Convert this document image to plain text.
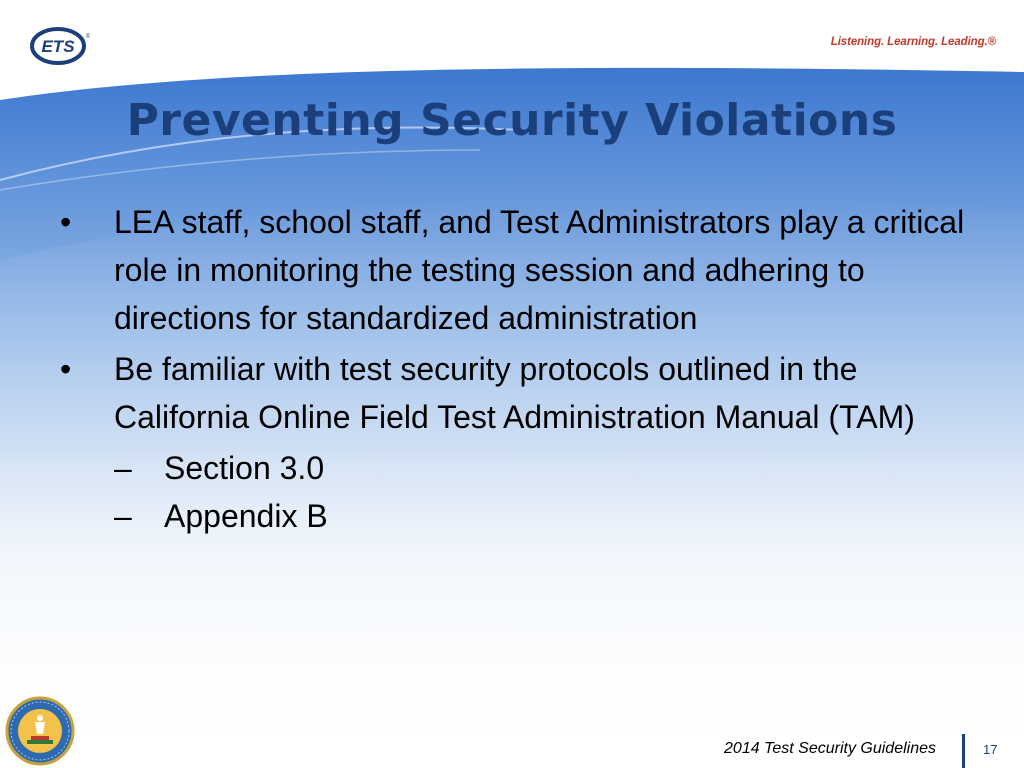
ETS ®	Listening. Learning. Leading.®
Preventing Security Violations
•	LEA staff, school staff, and Test Administrators play a critical role in monitoring the testing session and adhering to directions for standardized administration
•	Be familiar with test security protocols outlined in the California Online Field Test Administration Manual (TAM)
–	Section 3.0
–	Appendix B
2014 Test Security Guidelines	17
